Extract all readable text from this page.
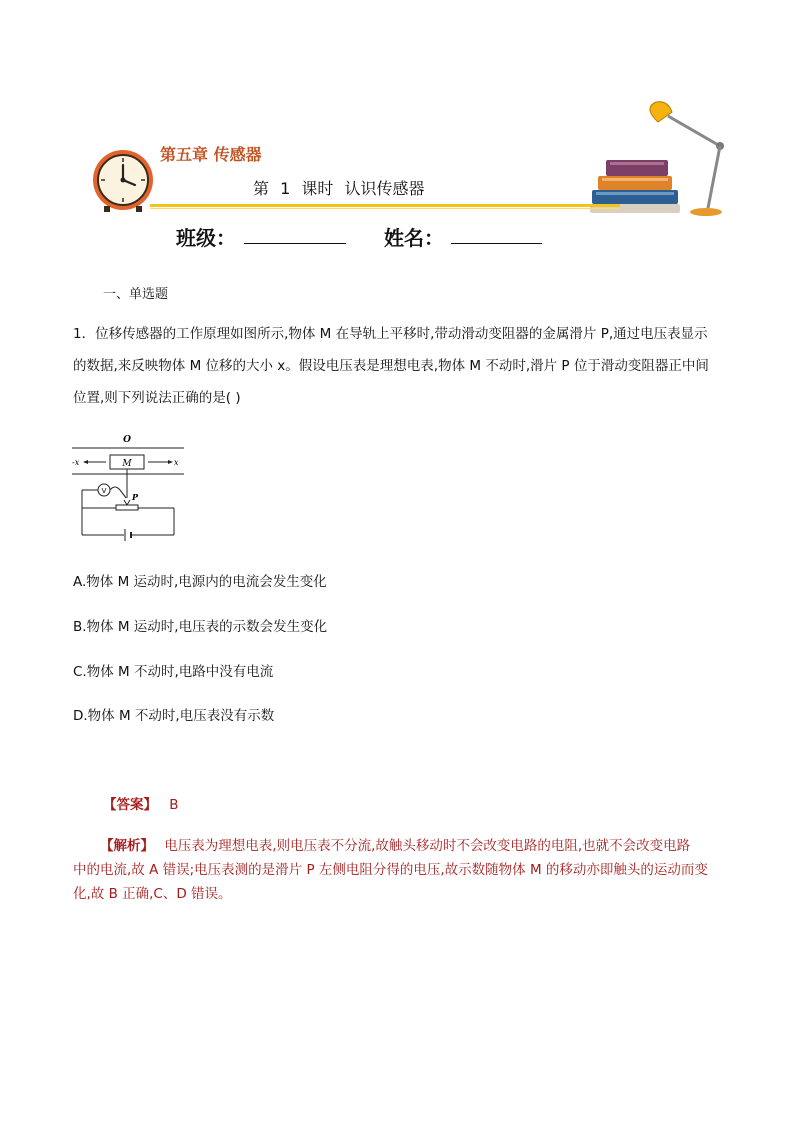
第五章 传感器
第 1 课时 认识传感器
班级：	姓名：
一、单选题
1．位移传感器的工作原理如图所示,物体 M 在导轨上平移时,带动滑动变阻器的金属滑片 P,通过电压表显示
的数据,来反映物体 M 位移的大小 x。假设电压表是理想电表,物体 M 不动时,滑片 P 位于滑动变阻器正中间
位置,则下列说法正确的是( )
O
M
-x	x
V
P
A.物体 M 运动时,电源内的电流会发生变化
B.物体 M 运动时,电压表的示数会发生变化
C.物体 M 不动时,电路中没有电流
D.物体 M 不动时,电压表没有示数
【答案】 B
【解析】 电压表为理想电表,则电压表不分流,故触头移动时不会改变电路的电阻,也就不会改变电路
中的电流,故 A 错误;电压表测的是滑片 P 左侧电阻分得的电压,故示数随物体 M 的移动亦即触头的运动而变
化,故 B 正确,C、D 错误。
